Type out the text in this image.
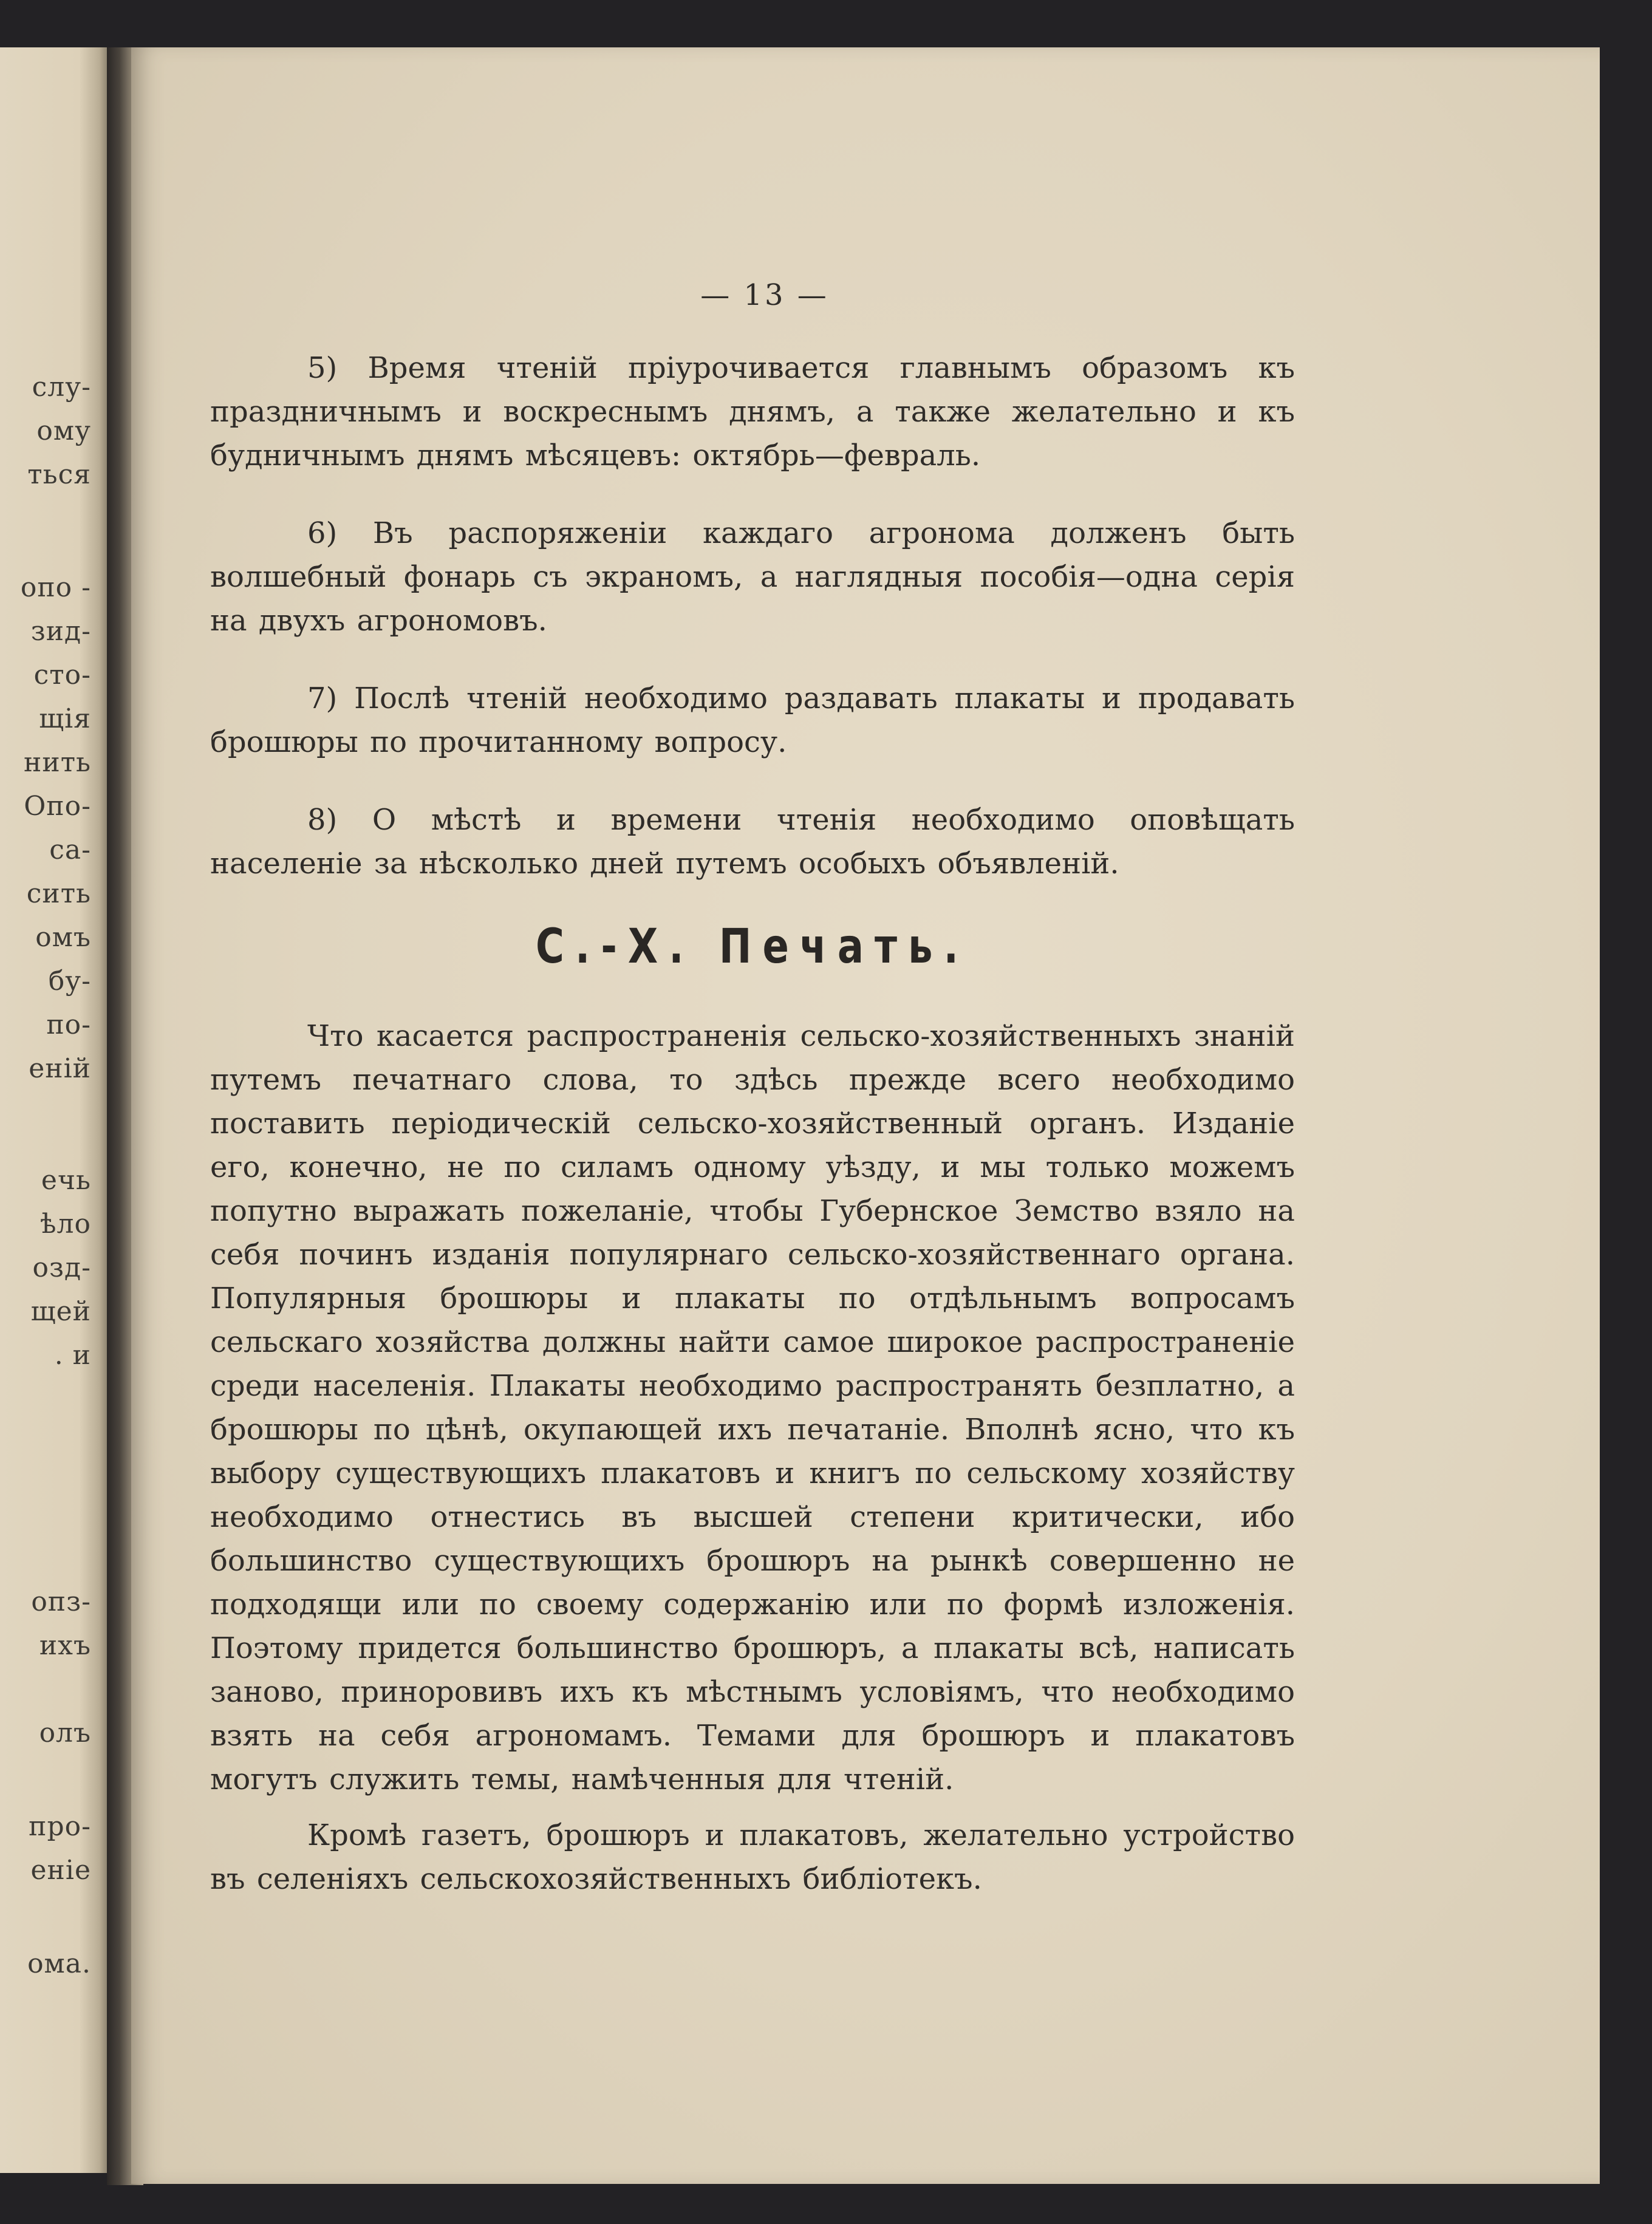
слу-
ому
ться
опо -
зид-
сто-
щія
нить
Опо-
са-
сить
омъ
бу-
по-
еній
ечь
ѣло
озд-
щей
. и
опз-
ихъ
олъ
про-
еніе
ома.
— 13 —

5) Время чтеній пріурочивается главнымъ образомъ къ праздничнымъ и воскреснымъ днямъ, а также желательно и къ будничнымъ днямъ мѣсяцевъ: октябрь—февраль.

6) Въ распоряженіи каждаго агронома долженъ быть волшебный фонарь съ экраномъ, а наглядныя пособія—одна серія на двухъ агрономовъ.

7) Послѣ чтеній необходимо раздавать плакаты и продавать брошюры по прочитанному вопросу.

8) О мѣстѣ и времени чтенія необходимо оповѣщать населеніе за нѣсколько дней путемъ особыхъ объявленій.

С.-Х. Печать.

Что касается распространенія сельско-хозяйственныхъ знаній путемъ печатнаго слова, то здѣсь прежде всего необходимо поставить періодическій сельско-хозяйственный органъ. Изданіе его, конечно, не по силамъ одному уѣзду, и мы только можемъ попутно выражать пожеланіе, чтобы Губернское Земство взяло на себя починъ изданія популярнаго сельско-хозяйственнаго органа. Популярныя брошюры и плакаты по отдѣльнымъ вопросамъ сельскаго хозяйства должны найти самое широкое распространеніе среди населенія. Плакаты необходимо распространять безплатно, а брошюры по цѣнѣ, окупающей ихъ печатаніе. Вполнѣ ясно, что къ выбору существующихъ плакатовъ и книгъ по сельскому хозяйству необходимо отнестись въ высшей степени критически, ибо большинство существующихъ брошюръ на рынкѣ совершенно не подходящи или по своему содержанію или по формѣ изложенія. Поэтому придется большинство брошюръ, а плакаты всѣ, написать заново, приноровивъ ихъ къ мѣстнымъ условіямъ, что необходимо взять на себя агрономамъ. Темами для брошюръ и плакатовъ могутъ служить темы, намѣченныя для чтеній.

Кромѣ газетъ, брошюръ и плакатовъ, желательно устройство въ селеніяхъ сельскохозяйственныхъ библіотекъ.
